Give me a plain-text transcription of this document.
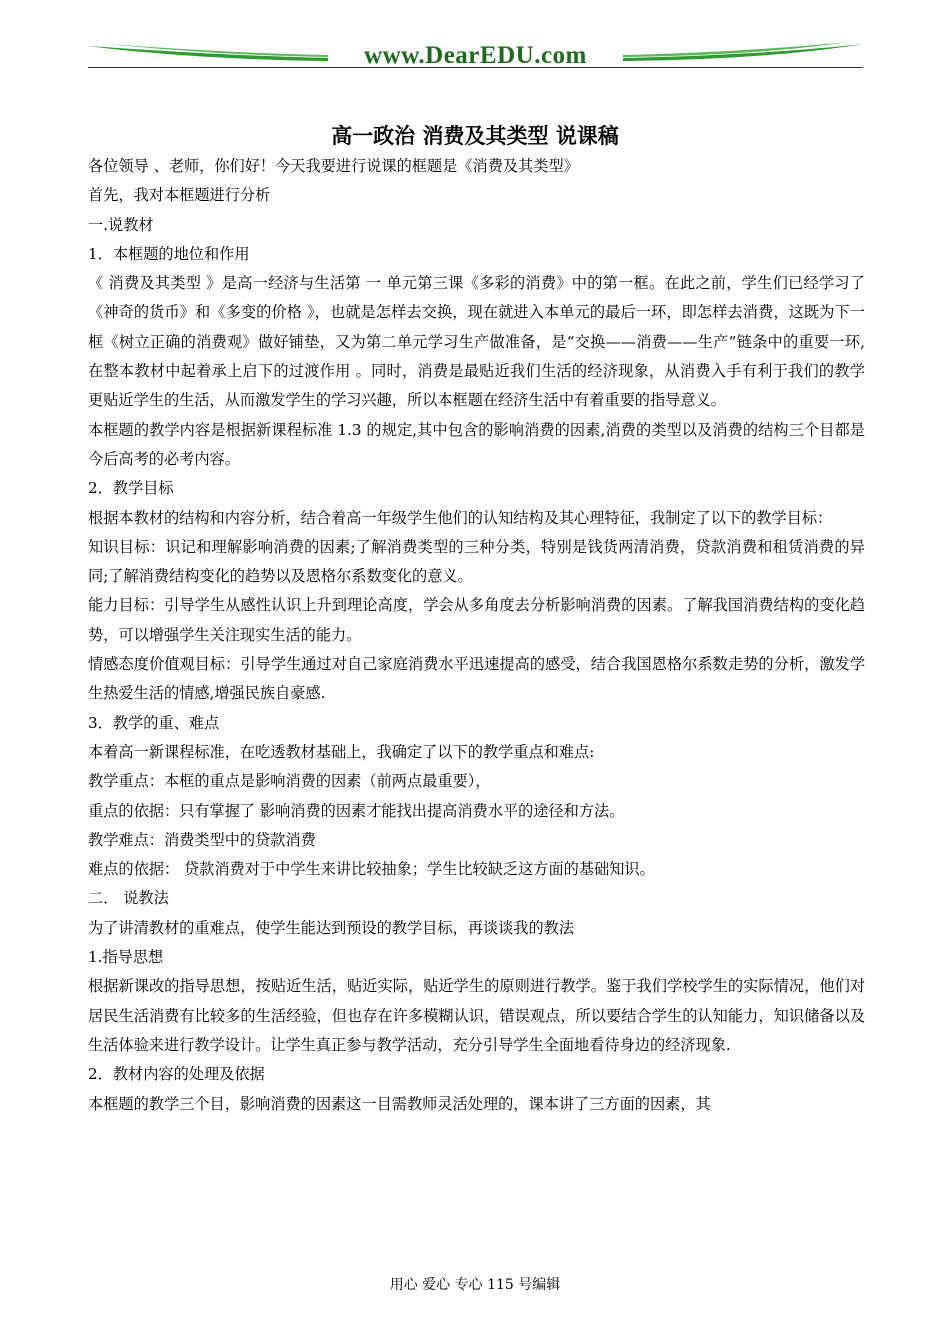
www.DearEDU.com
高一政治 消费及其类型 说课稿

各位领导 、老师，你们好！今天我要进行说课的框题是《消费及其类型》

首先，我对本框题进行分析

一.说教材

1．本框题的地位和作用

《 消费及其类型 》是高一经济与生活第 一 单元第三课《多彩的消费》中的第一框。在此之前，学生们已经学习了《神奇的货币》和《多变的价格 》，也就是怎样去交换，现在就进入本单元的最后一环，即怎样去消费，这既为下一框《树立正确的消费观》做好铺垫，又为第二单元学习生产做准备，是“交换——消费——生产”链条中的重要一环,在整本教材中起着承上启下的过渡作用 。同时，消费是最贴近我们生活的经济现象，从消费入手有利于我们的教学更贴近学生的生活，从而激发学生的学习兴趣，所以本框题在经济生活中有着重要的指导意义。

本框题的教学内容是根据新课程标准 1.3 的规定,其中包含的影响消费的因素,消费的类型以及消费的结构三个目都是今后高考的必考内容。

2．教学目标

根据本教材的结构和内容分析，结合着高一年级学生他们的认知结构及其心理特征，我制定了以下的教学目标：

知识目标：识记和理解影响消费的因素;了解消费类型的三种分类，特别是钱货两清消费，贷款消费和租赁消费的异同;了解消费结构变化的趋势以及恩格尔系数变化的意义。

能力目标：引导学生从感性认识上升到理论高度，学会从多角度去分析影响消费的因素。了解我国消费结构的变化趋势，可以增强学生关注现实生活的能力。

情感态度价值观目标：引导学生通过对自己家庭消费水平迅速提高的感受，结合我国恩格尔系数走势的分析，激发学生热爱生活的情感,增强民族自豪感.

3．教学的重、难点

本着高一新课程标准，在吃透教材基础上，我确定了以下的教学重点和难点:

教学重点：本框的重点是影响消费的因素（前两点最重要），

重点的依据：只有掌握了 影响消费的因素才能找出提高消费水平的途径和方法。

教学难点：消费类型中的贷款消费

难点的依据： 贷款消费对于中学生来讲比较抽象；学生比较缺乏这方面的基础知识。

二． 说教法

为了讲清教材的重难点，使学生能达到预设的教学目标，再谈谈我的教法

1.指导思想

根据新课改的指导思想，按贴近生活，贴近实际，贴近学生的原则进行教学。鉴于我们学校学生的实际情况，他们对居民生活消费有比较多的生活经验，但也存在许多模糊认识，错误观点，所以要结合学生的认知能力，知识储备以及生活体验来进行教学设计。让学生真正参与教学活动，充分引导学生全面地看待身边的经济现象.

2．教材内容的处理及依据

本框题的教学三个目，影响消费的因素这一目需教师灵活处理的，课本讲了三方面的因素，其

用心 爱心 专心 115 号编辑
